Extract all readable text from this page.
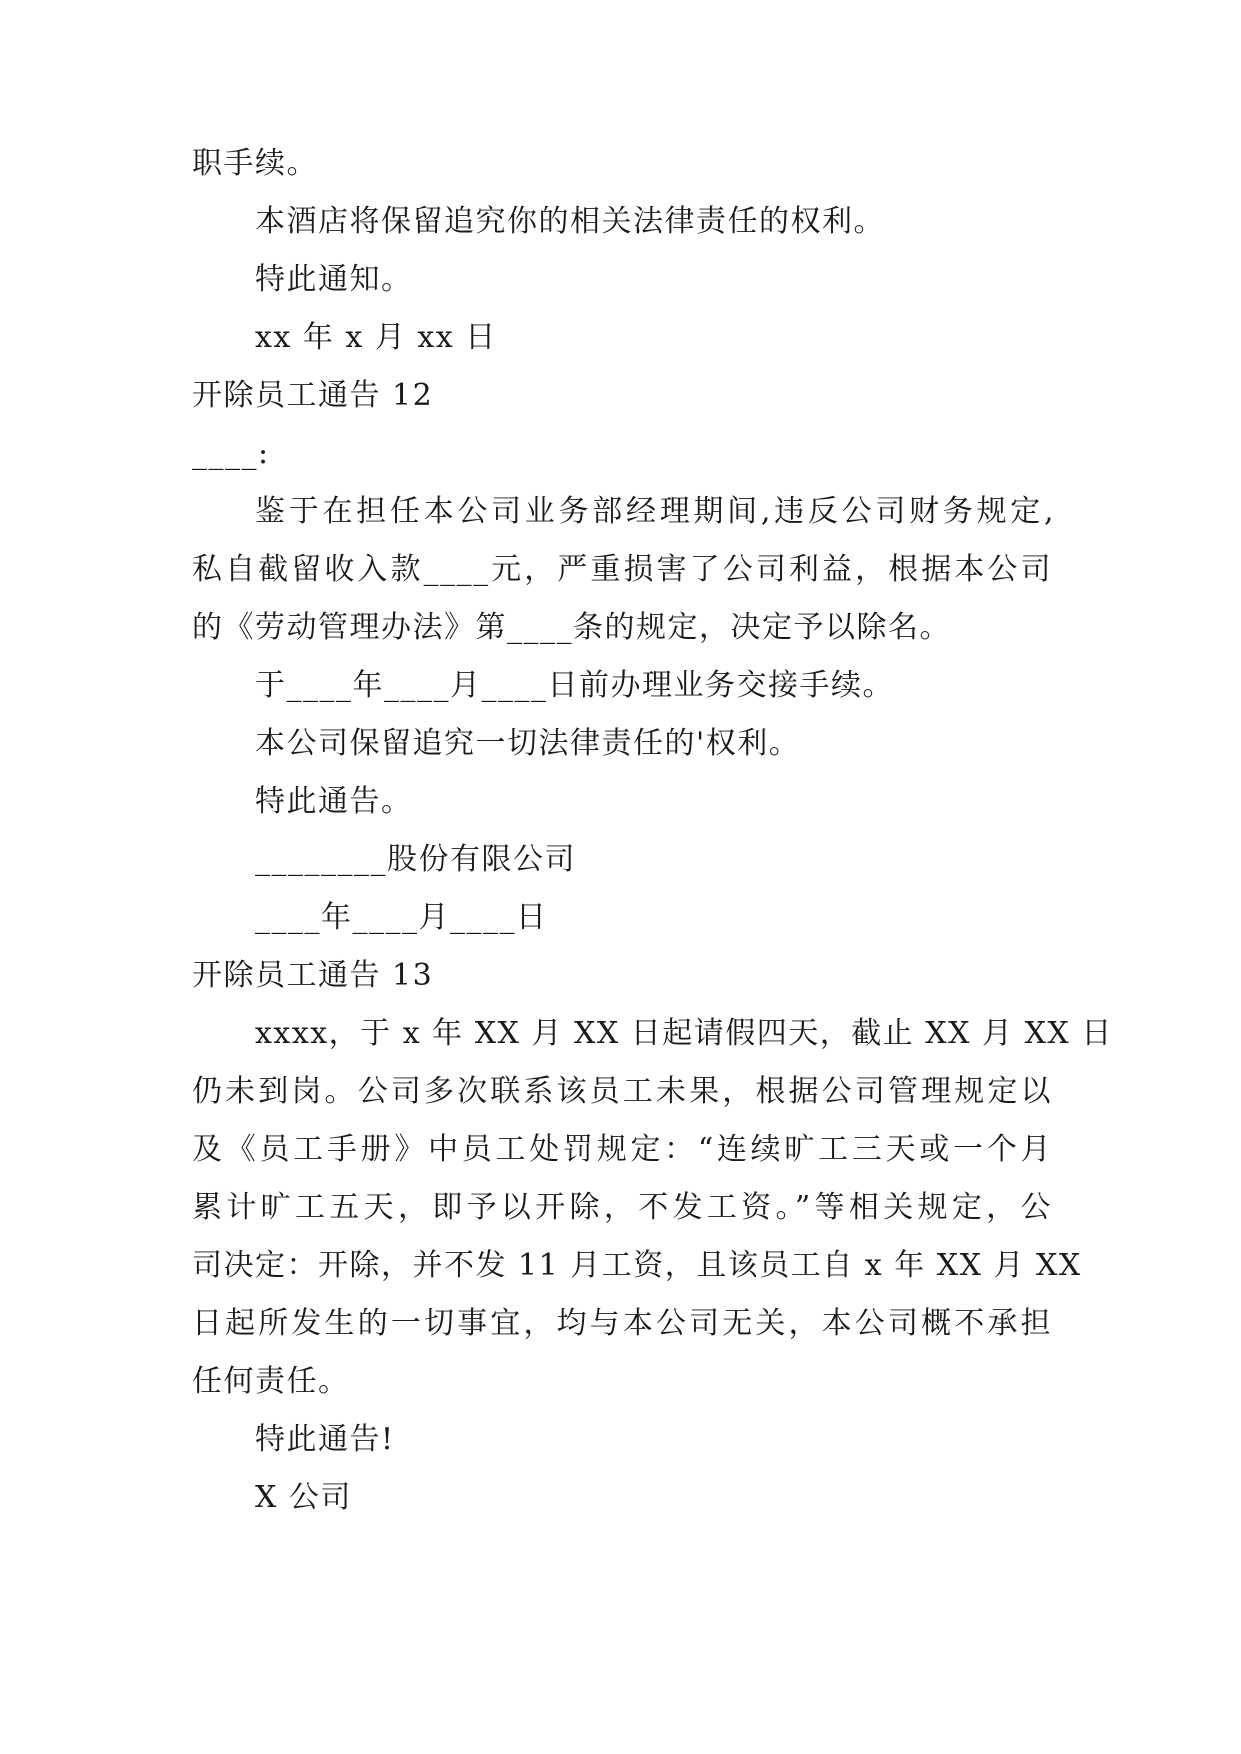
职手续。

本酒店将保留追究你的相关法律责任的权利。

特此通知。

xx 年 x 月 xx 日

开除员工通告 12

____:

鉴于在担任本公司业务部经理期间,违反公司财务规定,

私自截留收入款____元，严重损害了公司利益，根据本公司

的《劳动管理办法》第____条的规定，决定予以除名。

于____年____月____日前办理业务交接手续。

本公司保留追究一切法律责任的'权利。

特此通告。

________股份有限公司

____年____月____日

开除员工通告 13

xxxx，于 x 年 XX 月 XX 日起请假四天，截止 XX 月 XX 日

仍未到岗。公司多次联系该员工未果，根据公司管理规定以

及《员工手册》中员工处罚规定：“连续旷工三天或一个月

累计旷工五天，即予以开除，不发工资。”等相关规定，公

司决定：开除，并不发 11 月工资，且该员工自 x 年 XX 月 XX

日起所发生的一切事宜，均与本公司无关，本公司概不承担

任何责任。

特此通告!

X 公司
